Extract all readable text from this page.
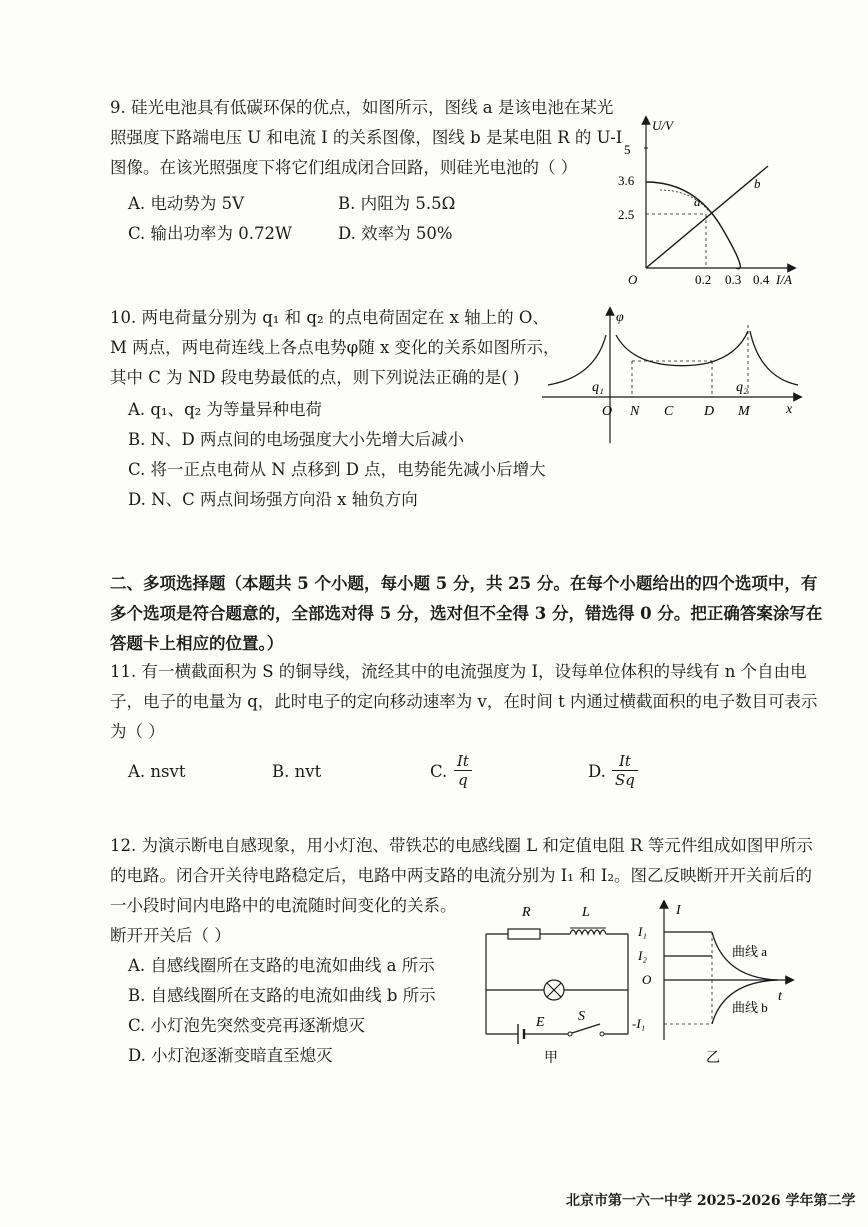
9. 硅光电池具有低碳环保的优点，如图所示，图线 a 是该电池在某光
照强度下路端电压 U 和电流 I 的关系图像，图线 b 是某电阻 R 的 U-I
图像。在该光照强度下将它们组成闭合回路，则硅光电池的（ ）
A. 电动势为 5V	B. 内阻为 5.5Ω
C. 输出功率为 0.72W	D. 效率为 50%
U/V
I/A
5
3.6
2.5
O	0.2 0.3 0.4
a
b
10. 两电荷量分别为 q₁ 和 q₂ 的点电荷固定在 x 轴上的 O、
M 两点，两电荷连线上各点电势φ随 x 变化的关系如图所示，
其中 C 为 ND 段电势最低的点，则下列说法正确的是( )
A. q₁、q₂ 为等量异种电荷
B. N、D 两点间的电场强度大小先增大后减小
C. 将一正点电荷从 N 点移到 D 点，电势能先减小后增大
D. N、C 两点间场强方向沿 x 轴负方向
φ
x
q₁	q₂
O N C D M
二、多项选择题（本题共 5 个小题，每小题 5 分，共 25 分。在每个小题给出的四个选项中，有
多个选项是符合题意的，全部选对得 5 分，选对但不全得 3 分，错选得 0 分。把正确答案涂写在
答题卡上相应的位置。）
11. 有一横截面积为 S 的铜导线，流经其中的电流强度为 I，设每单位体积的导线有 n 个自由电
子，电子的电量为 q，此时电子的定向移动速率为 v，在时间 t 内通过横截面积的电子数目可表示
为（ ）
A. nsvt	B. nvt	C. $\frac{It}{q}$	D. $\frac{It}{Sq}$
12. 为演示断电自感现象，用小灯泡、带铁芯的电感线圈 L 和定值电阻 R 等元件组成如图甲所示
的电路。闭合开关待电路稳定后，电路中两支路的电流分别为 I₁ 和 I₂。图乙反映断开开关前后的
一小段时间内电路中的电流随时间变化的关系。
断开开关后（ ）
A. 自感线圈所在支路的电流如曲线 a 所示
B. 自感线圈所在支路的电流如曲线 b 所示
C. 小灯泡先突然变亮再逐渐熄灭
D. 小灯泡逐渐变暗直至熄灭
R	L
E S
甲
I
t
I₁
I₂
O
-I₁
曲线 a
曲线 b
乙
北京市第一六一中学 2025-2026 学年第二学
